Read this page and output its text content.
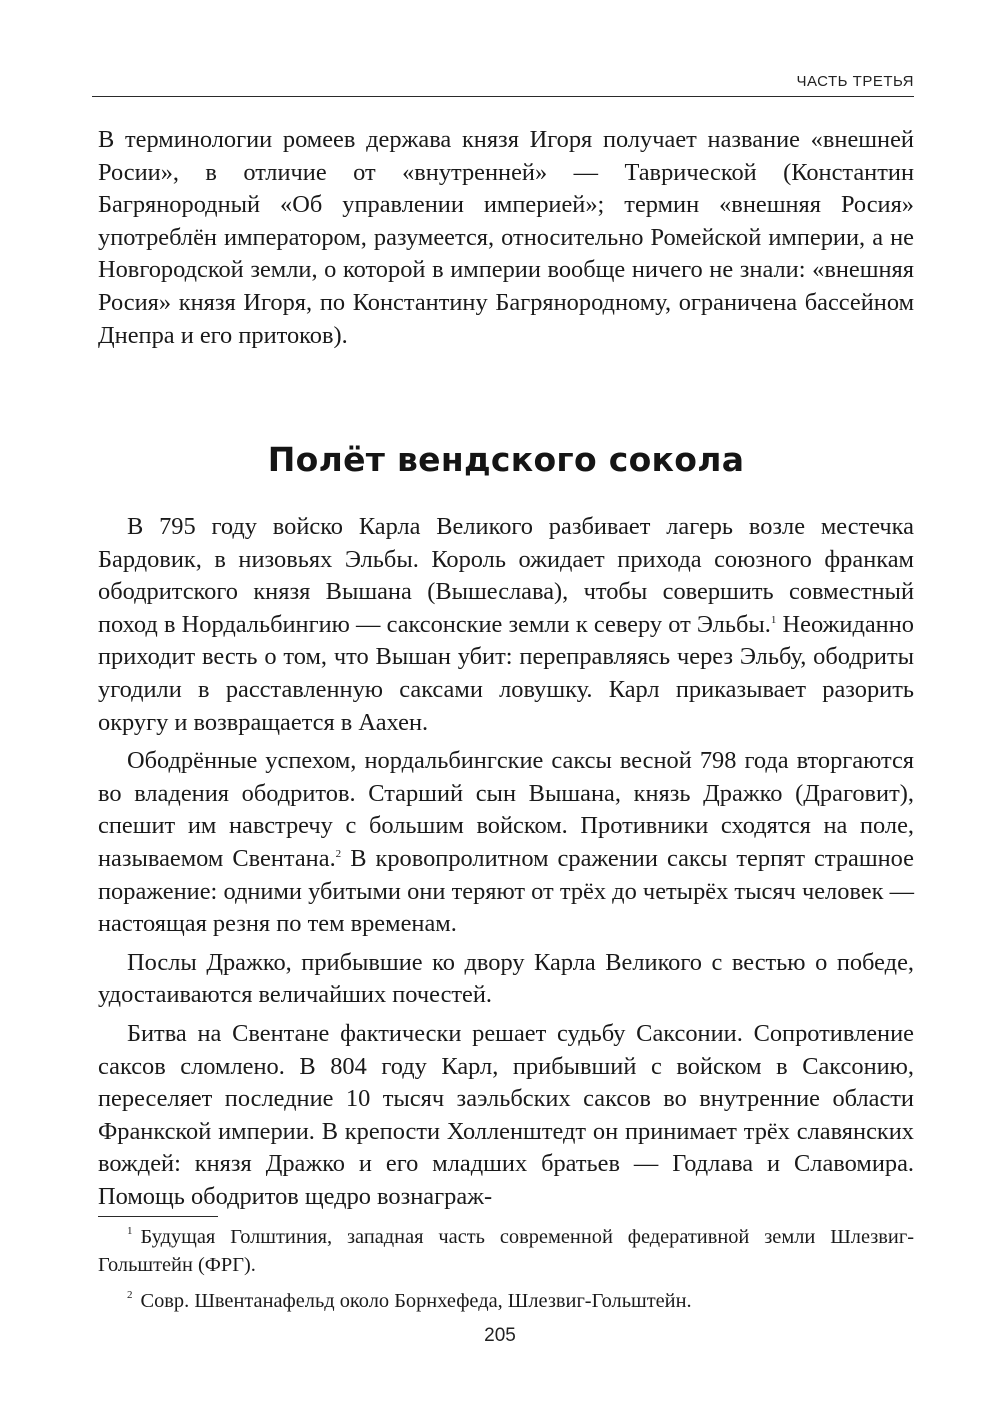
ЧАСТЬ ТРЕТЬЯ

В терминологии ромеев держава князя Игоря получает название «внешней Росии», в отличие от «внутренней» — Таврической (Константин Багрянородный «Об управлении империей»; термин «внешняя Росия» употреблён императором, разумеется, относительно Ромейской империи, а не Новгородской земли, о которой в империи вообще ничего не знали: «внешняя Росия» князя Игоря, по Константину Багрянородному, ограничена бассейном Днепра и его притоков).

Полёт вендского сокола

В 795 году войско Карла Великого разбивает лагерь возле местечка Бардовик, в низовьях Эльбы. Король ожидает прихода союзного франкам ободритского князя Вышана (Вышеслава), чтобы совершить совместный поход в Нордальбингию — саксонские земли к северу от Эльбы.$^1$ Неожиданно приходит весть о том, что Вышан убит: переправляясь через Эльбу, ободриты угодили в расставленную саксами ловушку. Карл приказывает разорить округу и возвращается в Аахен.

Ободрённые успехом, нордальбингские саксы весной 798 года вторгаются во владения ободритов. Старший сын Вышана, князь Дражко (Драговит), спешит им навстречу с большим войском. Противники сходятся на поле, называемом Свентана.$^2$ В кровопролитном сражении саксы терпят страшное поражение: одними убитыми они теряют от трёх до четырёх тысяч человек — настоящая резня по тем временам.

Послы Дражко, прибывшие ко двору Карла Великого с вестью о победе, удостаиваются величайших почестей.

Битва на Свентане фактически решает судьбу Саксонии. Сопротивление саксов сломлено. В 804 году Карл, прибывший с войском в Саксонию, переселяет последние 10 тысяч заэльбских саксов во внутренние области Франкской империи. В крепости Холленштедт он принимает трёх славянских вождей: князя Дражко и его младших братьев — Годлава и Славомира. Помощь ободритов щедро вознаграж-

$^1$ Будущая Голштиния, западная часть современной федеративной земли Шлезвиг-Гольштейн (ФРГ).

$^2$ Совр. Швентанафельд около Борнхефеда, Шлезвиг-Гольштейн.

205
